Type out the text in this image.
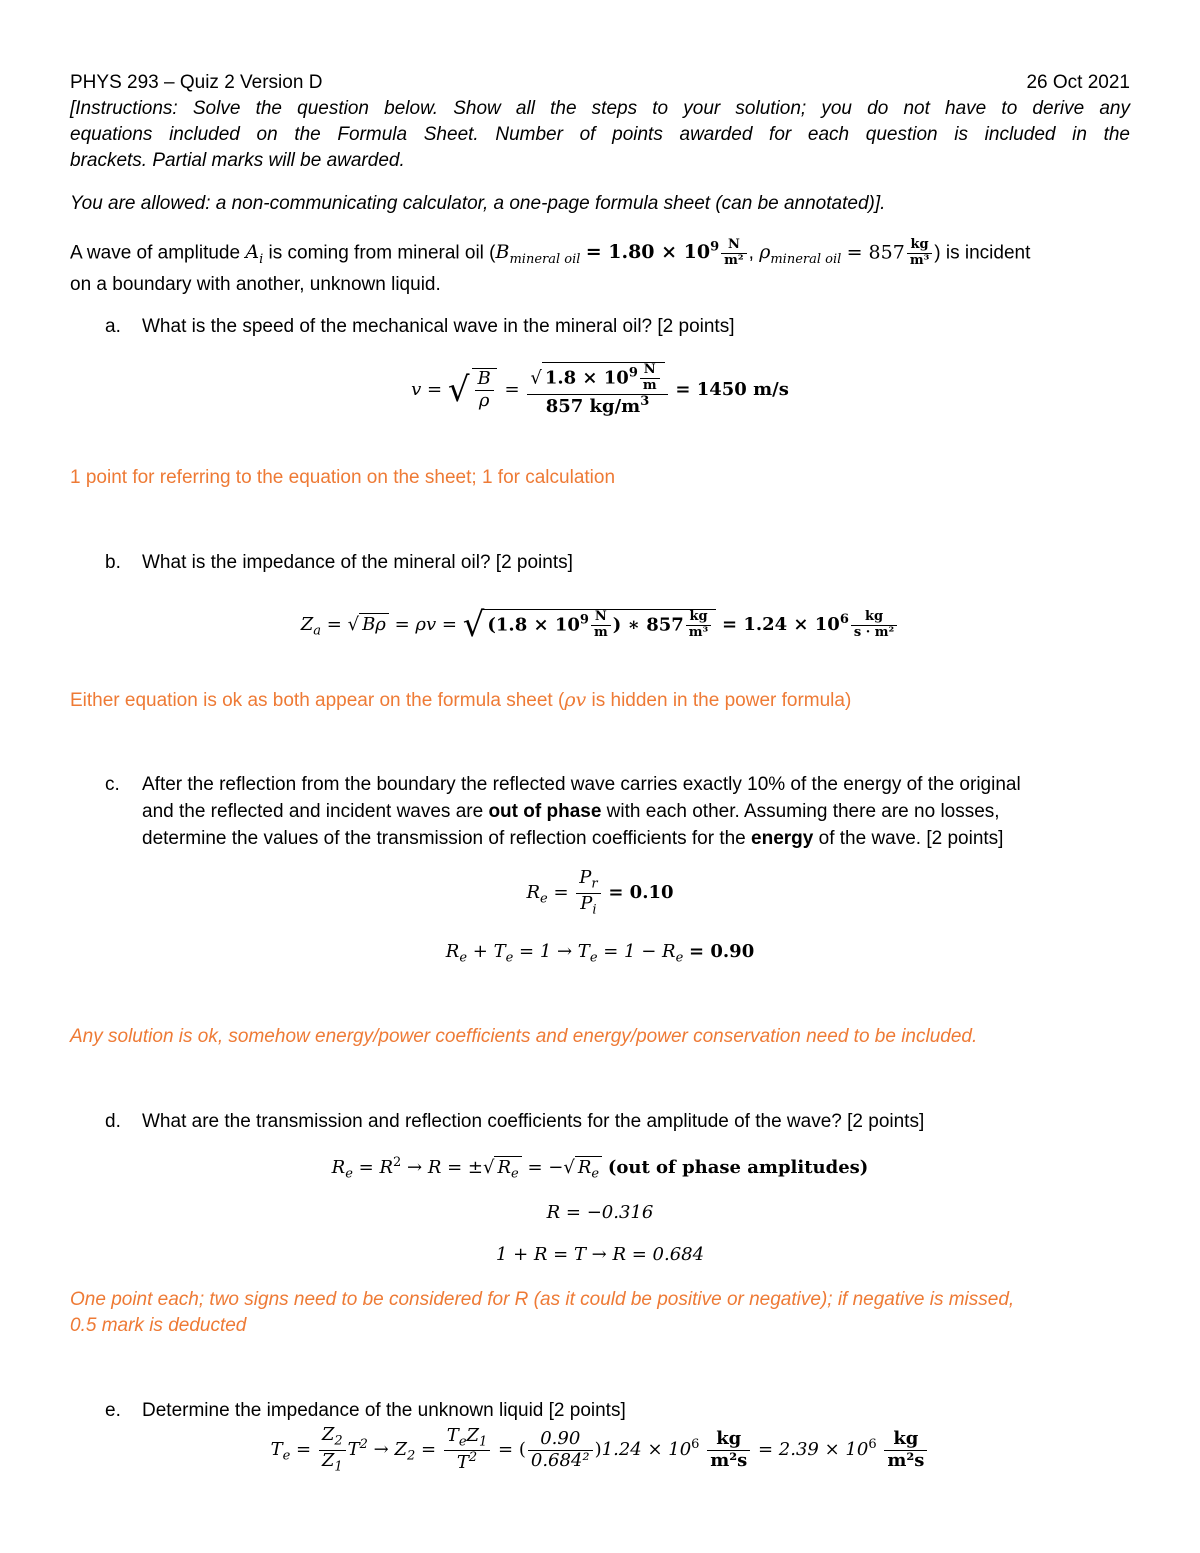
PHYS 293 – Quiz 2 Version D	26 Oct 2021
[Instructions: Solve the question below. Show all the steps to your solution; you do not have to derive any
equations included on the Formula Sheet. Number of points awarded for each question is included in the
brackets. Partial marks will be awarded.
You are allowed: a non-communicating calculator, a one-page formula sheet (can be annotated)].
A wave of amplitude $A_i$ is coming from mineral oil ($B_{mineral oil} = 1.80 \times 10^9 \frac{N}{\text{m²}}$ , $\rho_{mineral oil} = 857 \frac{kg}{\text{m³}}$ ) is incident
on a boundary with another, unknown liquid.
a. What is the speed of the mechanical wave in the mineral oil? [2 points]
v = √ $\frac{B}{\rho} = \frac{√ 1.8 \times 10^9 \frac{N}{m}}{857 kg/m^3} = 1450$ m/s
1 point for referring to the equation on the sheet; 1 for calculation
b. What is the impedance of the mineral oil? [2 points]
$Z_a$ = √ Bρ = ρv = √ ($1.8 \times 10^9 \frac{N}{m}$ ) ∗ $857 \frac{kg}{\text{m³}} = 1.24 \times 10^6 \frac{kg}{\text{s · m²}}$
Either equation is ok as both appear on the formula sheet (ρv is hidden in the power formula)
c. After the reflection from the boundary the reflected wave carries exactly 10% of the energy of the original
and the reflected and incident waves are out of phase with each other. Assuming there are no losses,
determine the values of the transmission of reflection coefficients for the energy of the wave. [2 points]
$R_e = \frac{P_r}{P_i} = 0.10$
$R_e + T_e = 1 \to T_e = 1 - R_e = 0.90$
Any solution is ok, somehow energy/power coefficients and energy/power conservation need to be included.
d. What are the transmission and reflection coefficients for the amplitude of the wave? [2 points]
$R_e = R^2 \to R$ = ±√ $R_e$ = −√ $R_e$ (out of phase amplitudes)
R = −0.316
1 + R = T → R = 0.684
One point each; two signs need to be considered for R (as it could be positive or negative); if negative is missed,
0.5 mark is deducted
e. Determine the impedance of the unknown liquid [2 points]
$T_e = \frac{Z_2}{Z_1} T^2 \to Z_2 = \frac{T_eZ_1}{T^2}$ = ( $\frac{0.90}{\text{0.684²}} )1.24 \times 10^6 \frac{kg}{\text{m²s}} = 2.39 \times 10^6 \frac{kg}{\text{m²s}}$
